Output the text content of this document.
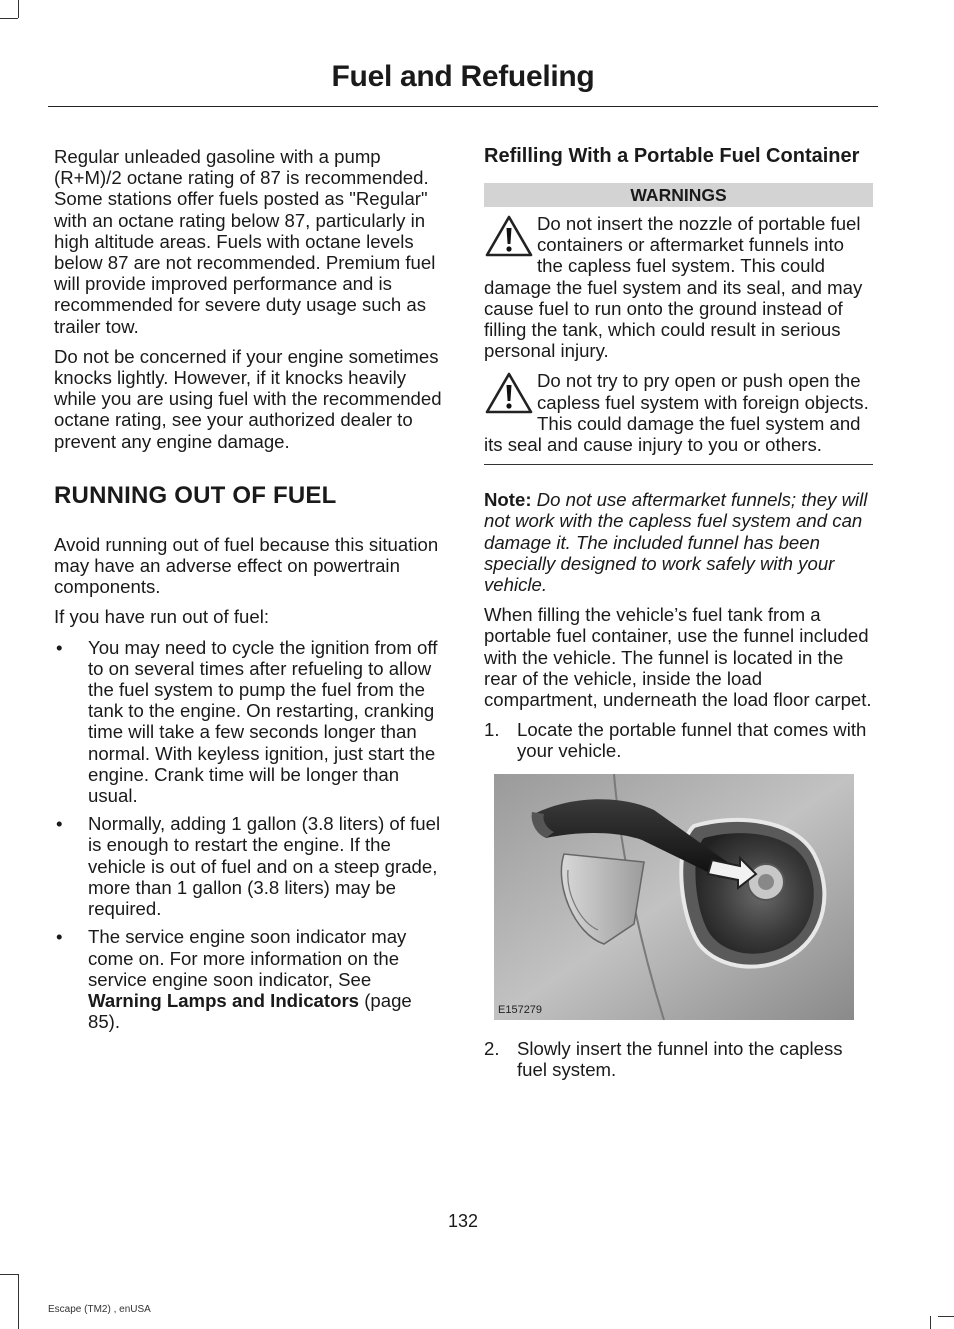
Fuel and Refueling

Regular unleaded gasoline with a pump (R+M)/2 octane rating of 87 is recommended. Some stations offer fuels posted as "Regular" with an octane rating below 87, particularly in high altitude areas. Fuels with octane levels below 87 are not recommended. Premium fuel will provide improved performance and is recommended for severe duty usage such as trailer tow.

Do not be concerned if your engine sometimes knocks lightly. However, if it knocks heavily while you are using fuel with the recommended octane rating, see your authorized dealer to prevent any engine damage.

RUNNING OUT OF FUEL

Avoid running out of fuel because this situation may have an adverse effect on powertrain components.

If you have run out of fuel:

• You may need to cycle the ignition from off to on several times after refueling to allow the fuel system to pump the fuel from the tank to the engine. On restarting, cranking time will take a few seconds longer than normal. With keyless ignition, just start the engine. Crank time will be longer than usual.
• Normally, adding 1 gallon (3.8 liters) of fuel is enough to restart the engine. If the vehicle is out of fuel and on a steep grade, more than 1 gallon (3.8 liters) may be required.
• The service engine soon indicator may come on. For more information on the service engine soon indicator, See Warning Lamps and Indicators (page 85).
Refilling With a Portable Fuel Container
WARNINGS

Do not insert the nozzle of portable fuel containers or aftermarket funnels into the capless fuel system. This could damage the fuel system and its seal, and may cause fuel to run onto the ground instead of filling the tank, which could result in serious personal injury.

Do not try to pry open or push open the capless fuel system with foreign objects. This could damage the fuel system and its seal and cause injury to you or others.

Note: Do not use aftermarket funnels; they will not work with the capless fuel system and can damage it. The included funnel has been specially designed to work safely with your vehicle.

When filling the vehicle’s fuel tank from a portable fuel container, use the funnel included with the vehicle. The funnel is located in the rear of the vehicle, inside the load compartment, underneath the load floor carpet.

1. Locate the portable funnel that comes with your vehicle.
E157279
2. Slowly insert the funnel into the capless fuel system.
132
Escape (TM2) , enUSA
